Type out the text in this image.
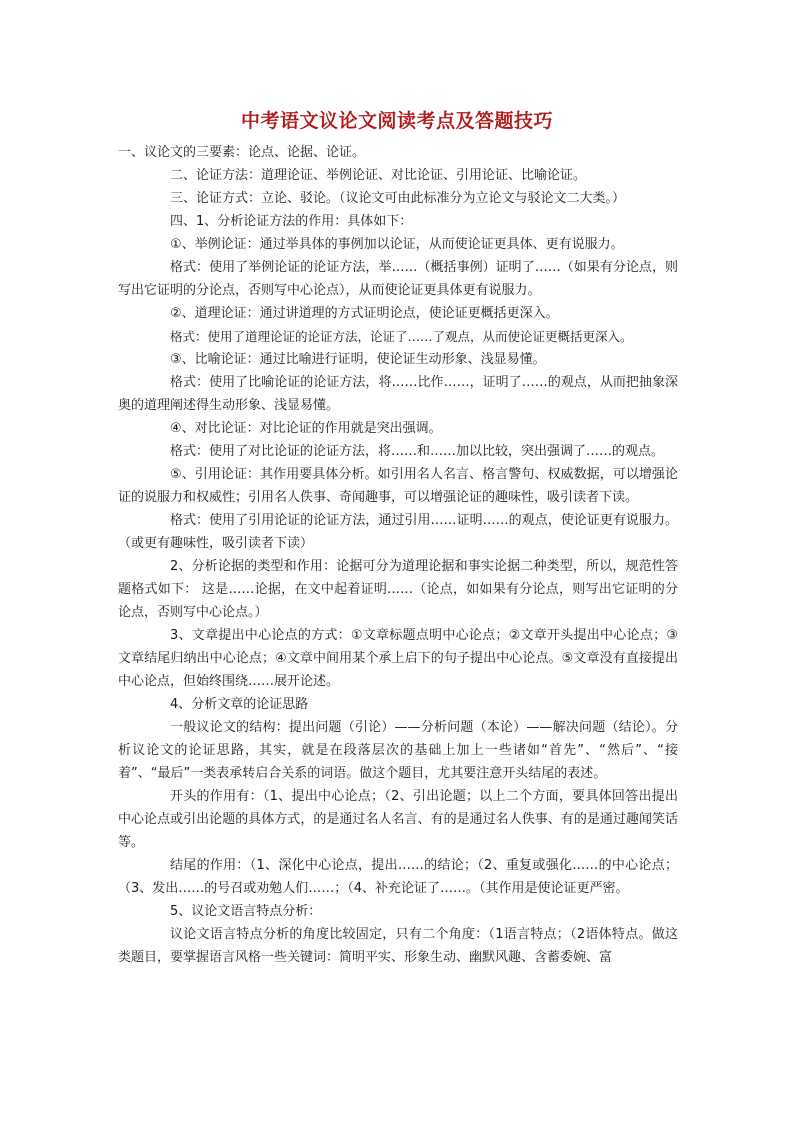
中考语文议论文阅读考点及答题技巧

一、议论文的三要素：论点、论据、论证。

二、论证方法：道理论证、举例论证、对比论证、引用论证、比喻论证。

三、论证方式：立论、驳论。（议论文可由此标准分为立论文与驳论文二大类。）

四、1、分析论证方法的作用：具体如下：

①、举例论证：通过举具体的事例加以论证，从而使论证更具体、更有说服力。

格式：使用了举例论证的论证方法，举……（概括事例）证明了……（如果有分论点，则写出它证明的分论点，否则写中心论点），从而使论证更具体更有说服力。

②、道理论证：通过讲道理的方式证明论点，使论证更概括更深入。

格式：使用了道理论证的论证方法，论证了……了观点，从而使论证更概括更深入。

③、比喻论证：通过比喻进行证明，使论证生动形象、浅显易懂。

格式：使用了比喻论证的论证方法，将……比作……，证明了……的观点，从而把抽象深奥的道理阐述得生动形象、浅显易懂。

④、对比论证：对比论证的作用就是突出强调。

格式：使用了对比论证的论证方法，将……和……加以比较，突出强调了……的观点。

⑤、引用论证：其作用要具体分析。如引用名人名言、格言警句、权威数据，可以增强论证的说服力和权威性；引用名人佚事、奇闻趣事，可以增强论证的趣味性，吸引读者下读。

格式：使用了引用论证的论证方法，通过引用……证明……的观点，使论证更有说服力。（或更有趣味性，吸引读者下读）

2、分析论据的类型和作用：论据可分为道理论据和事实论据二种类型，所以，规范性答题格式如下： 这是……论据，在文中起着证明……（论点，如如果有分论点，则写出它证明的分论点，否则写中心论点。）

3、文章提出中心论点的方式：①文章标题点明中心论点；②文章开头提出中心论点；③文章结尾归纳出中心论点；④文章中间用某个承上启下的句子提出中心论点。⑤文章没有直接提出中心论点，但始终围绕……展开论述。

4、分析文章的论证思路

一般议论文的结构：提出问题（引论）——分析问题（本论）——解决问题（结论）。分析议论文的论证思路，其实，就是在段落层次的基础上加上一些诸如“首先”、“然后”、“接着”、“最后”一类表承转启合关系的词语。做这个题目，尤其要注意开头结尾的表述。

开头的作用有：（1、提出中心论点；（2、引出论题；以上二个方面，要具体回答出提出中心论点或引出论题的具体方式，的是通过名人名言、有的是通过名人佚事、有的是通过趣闻笑话等。

结尾的作用：（1、深化中心论点，提出……的结论；（2、重复或强化……的中心论点；（3、发出……的号召或劝勉人们……；（4、补充论证了……。（其作用是使论证更严密。

5、议论文语言特点分析：

议论文语言特点分析的角度比较固定，只有二个角度：（1语言特点；（2语体特点。做这类题目，要掌握语言风格一些关键词：简明平实、形象生动、幽默风趣、含蓄委婉、富
